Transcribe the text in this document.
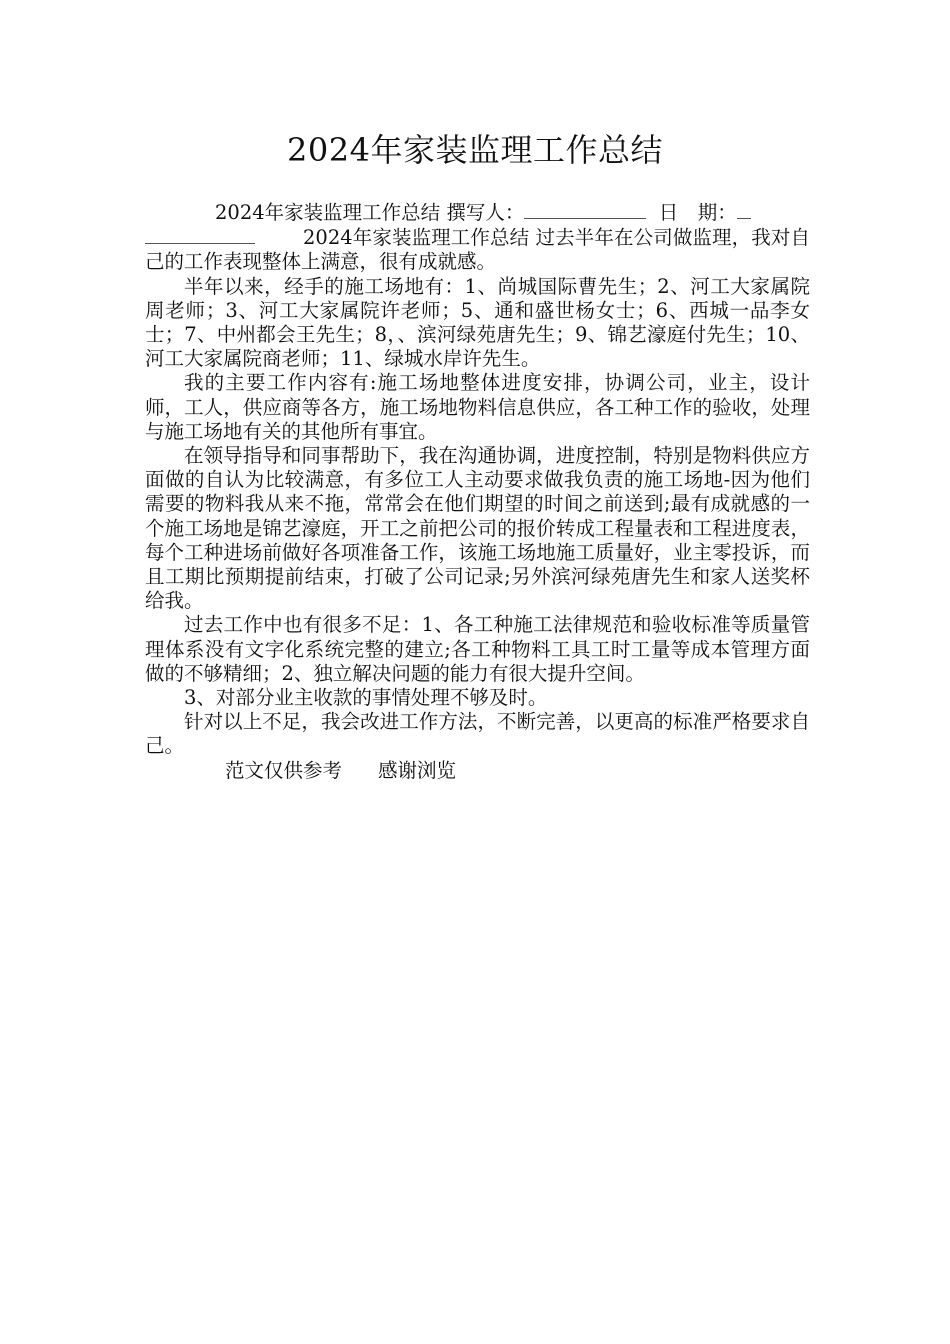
2024年家装监理工作总结

2024年家装监理工作总结 撰写人：	日　期：
2024年家装监理工作总结 过去半年在公司做监理，我对自己的工作表现整体上满意，很有成就感。

半年以来，经手的施工场地有：1、尚城国际曹先生；2、河工大家属院周老师；3、河工大家属院许老师；5、通和盛世杨女士；6、西城一品李女士；7、中州都会王先生；8，、滨河绿苑唐先生；9、锦艺濠庭付先生；10、河工大家属院商老师；11、绿城水岸许先生。

我的主要工作内容有:施工场地整体进度安排，协调公司，业主，设计师，工人，供应商等各方，施工场地物料信息供应，各工种工作的验收，处理与施工场地有关的其他所有事宜。

在领导指导和同事帮助下，我在沟通协调，进度控制，特别是物料供应方面做的自认为比较满意，有多位工人主动要求做我负责的施工场地-因为他们需要的物料我从来不拖，常常会在他们期望的时间之前送到;最有成就感的一个施工场地是锦艺濠庭，开工之前把公司的报价转成工程量表和工程进度表，每个工种进场前做好各项准备工作，该施工场地施工质量好，业主零投诉，而且工期比预期提前结束，打破了公司记录;另外滨河绿苑唐先生和家人送奖杯给我。

过去工作中也有很多不足：1、各工种施工法律规范和验收标准等质量管理体系没有文字化系统完整的建立;各工种物料工具工时工量等成本管理方面做的不够精细；2、独立解决问题的能力有很大提升空间。

3、对部分业主收款的事情处理不够及时。

针对以上不足，我会改进工作方法，不断完善，以更高的标准严格要求自己。

范文仅供参考 感谢浏览
